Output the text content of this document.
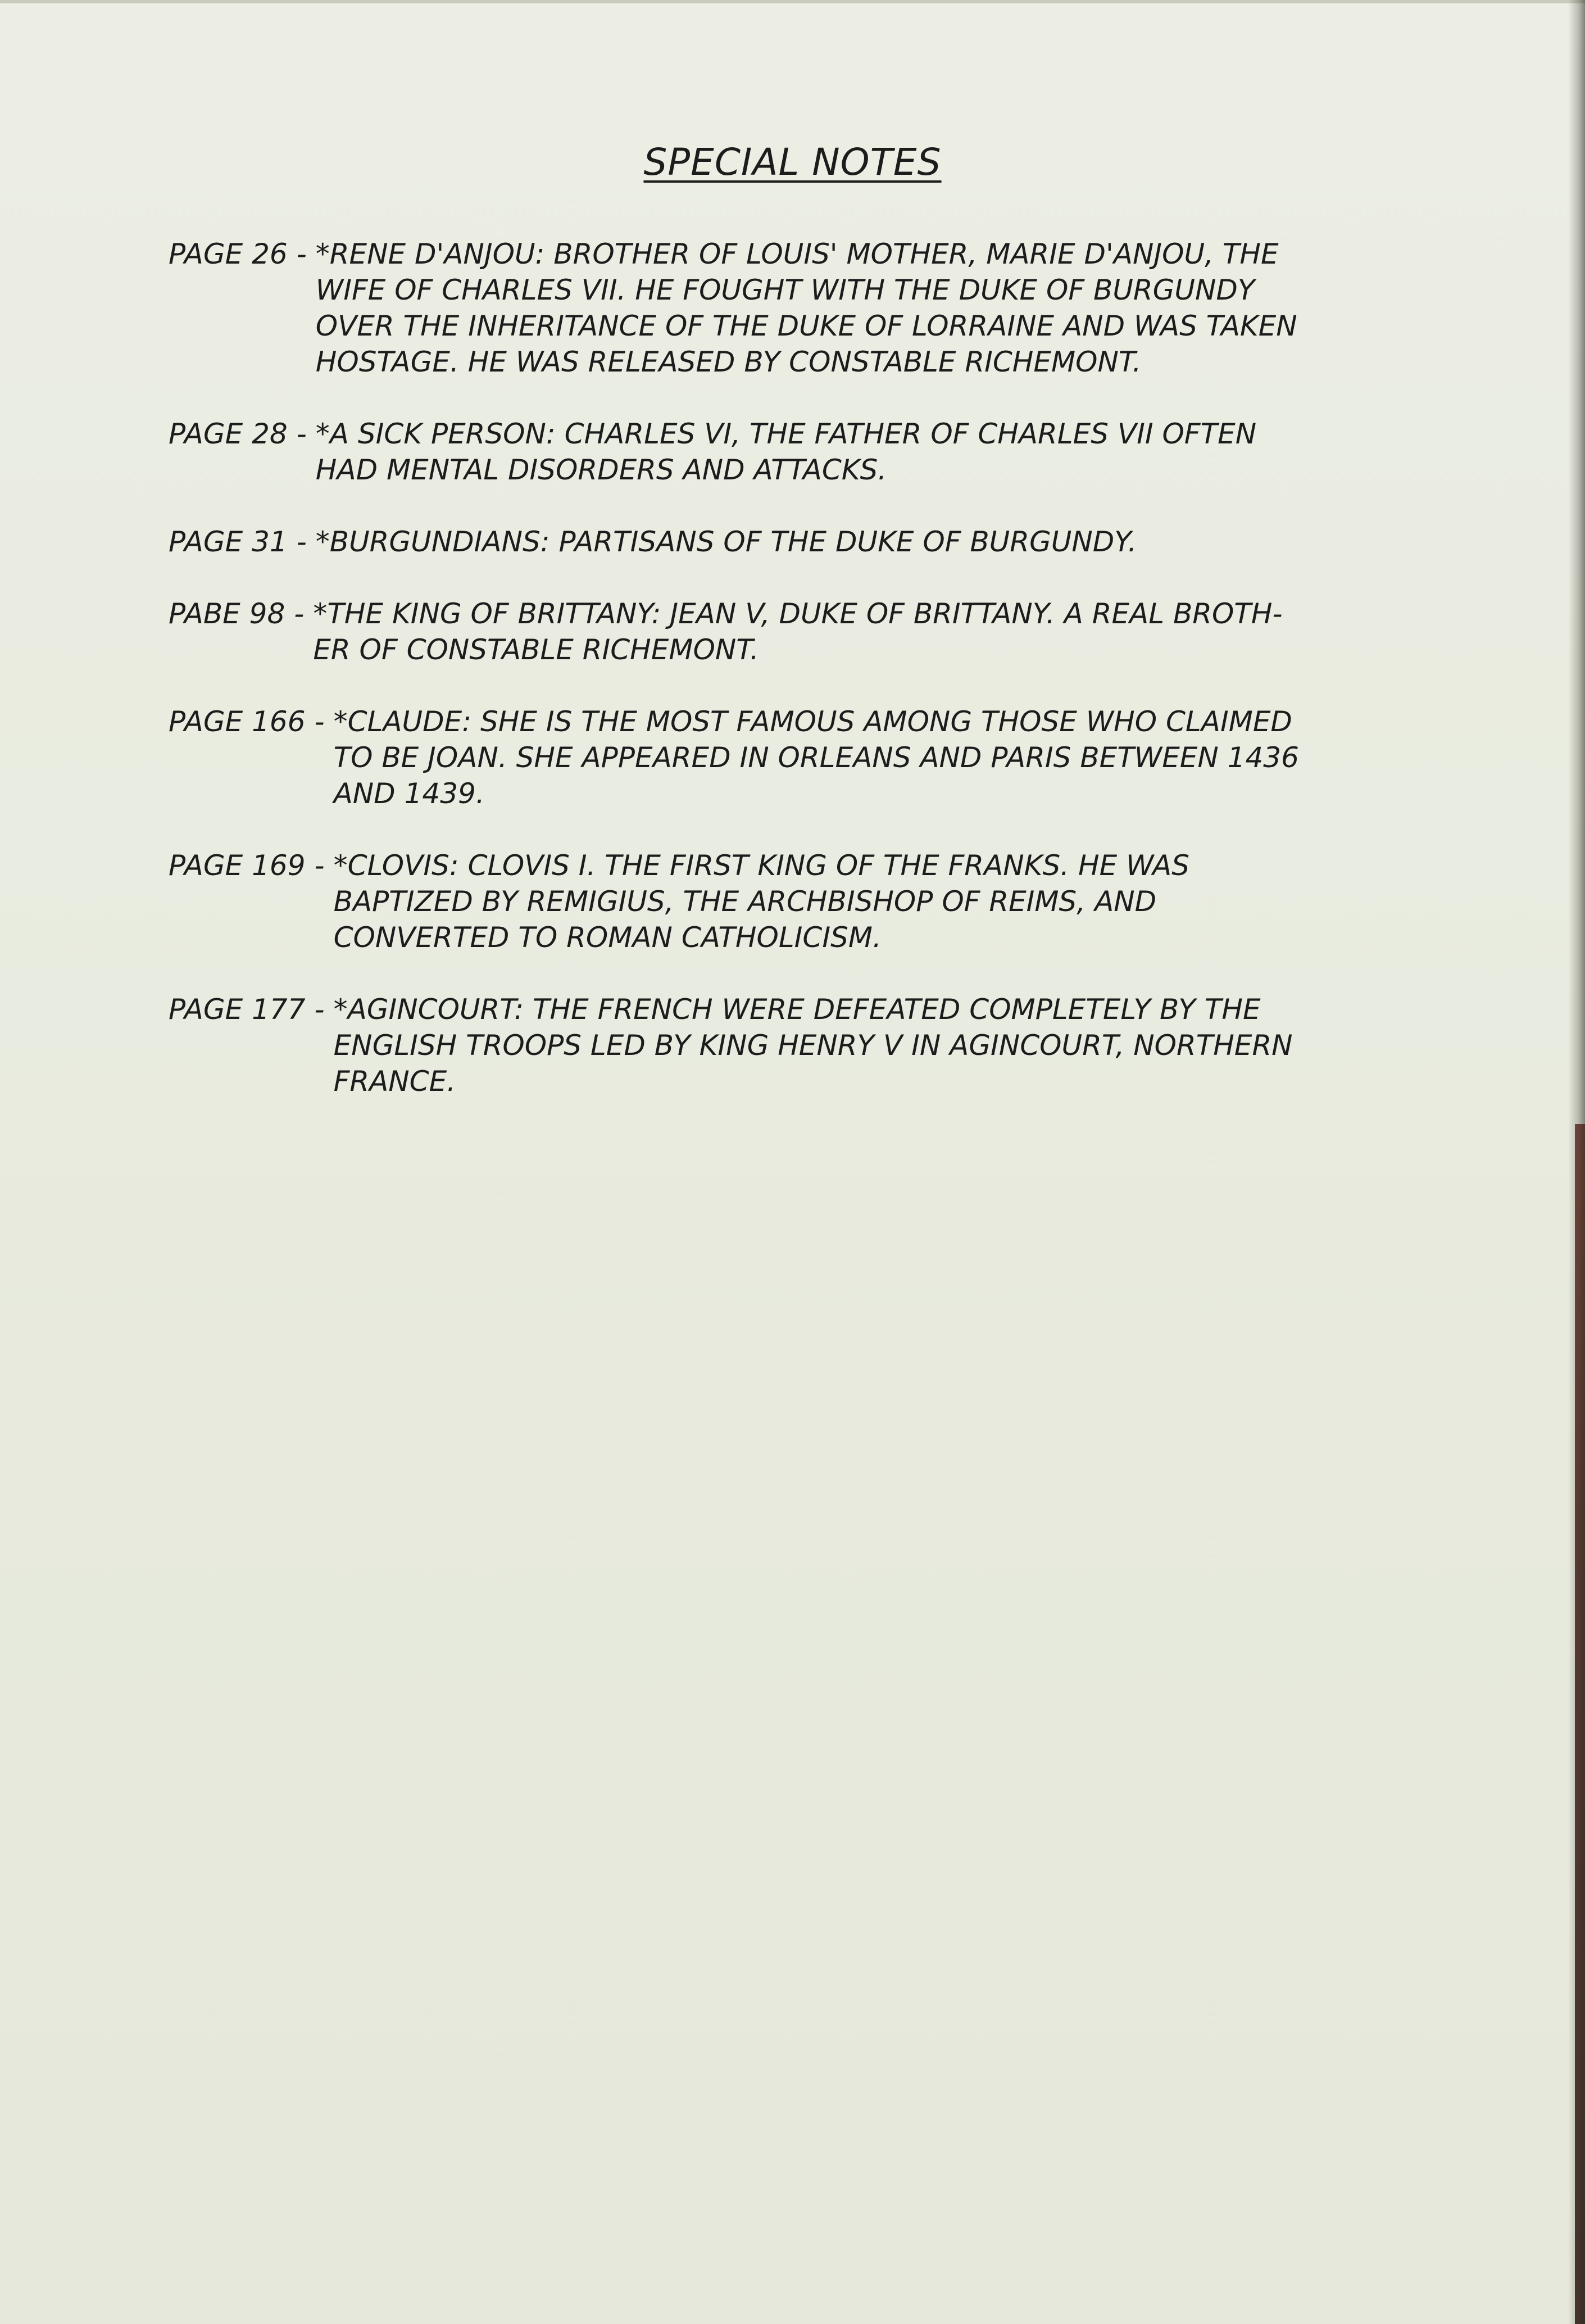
SPECIAL NOTES
PAGE 26 - *RENE D'ANJOU: BROTHER OF LOUIS' MOTHER, MARIE D'ANJOU, THE
WIFE OF CHARLES VII. HE FOUGHT WITH THE DUKE OF BURGUNDY
OVER THE INHERITANCE OF THE DUKE OF LORRAINE AND WAS TAKEN
HOSTAGE. HE WAS RELEASED BY CONSTABLE RICHEMONT.
PAGE 28 - *A SICK PERSON: CHARLES VI, THE FATHER OF CHARLES VII OFTEN
HAD MENTAL DISORDERS AND ATTACKS.
PAGE 31 - *BURGUNDIANS: PARTISANS OF THE DUKE OF BURGUNDY.
PABE 98 - *THE KING OF BRITTANY: JEAN V, DUKE OF BRITTANY. A REAL BROTH-
ER OF CONSTABLE RICHEMONT.
PAGE 166 - *CLAUDE: SHE IS THE MOST FAMOUS AMONG THOSE WHO CLAIMED
TO BE JOAN. SHE APPEARED IN ORLEANS AND PARIS BETWEEN 1436
AND 1439.
PAGE 169 - *CLOVIS: CLOVIS I. THE FIRST KING OF THE FRANKS. HE WAS
BAPTIZED BY REMIGIUS, THE ARCHBISHOP OF REIMS, AND
CONVERTED TO ROMAN CATHOLICISM.
PAGE 177 - *AGINCOURT: THE FRENCH WERE DEFEATED COMPLETELY BY THE
ENGLISH TROOPS LED BY KING HENRY V IN AGINCOURT, NORTHERN
FRANCE.
